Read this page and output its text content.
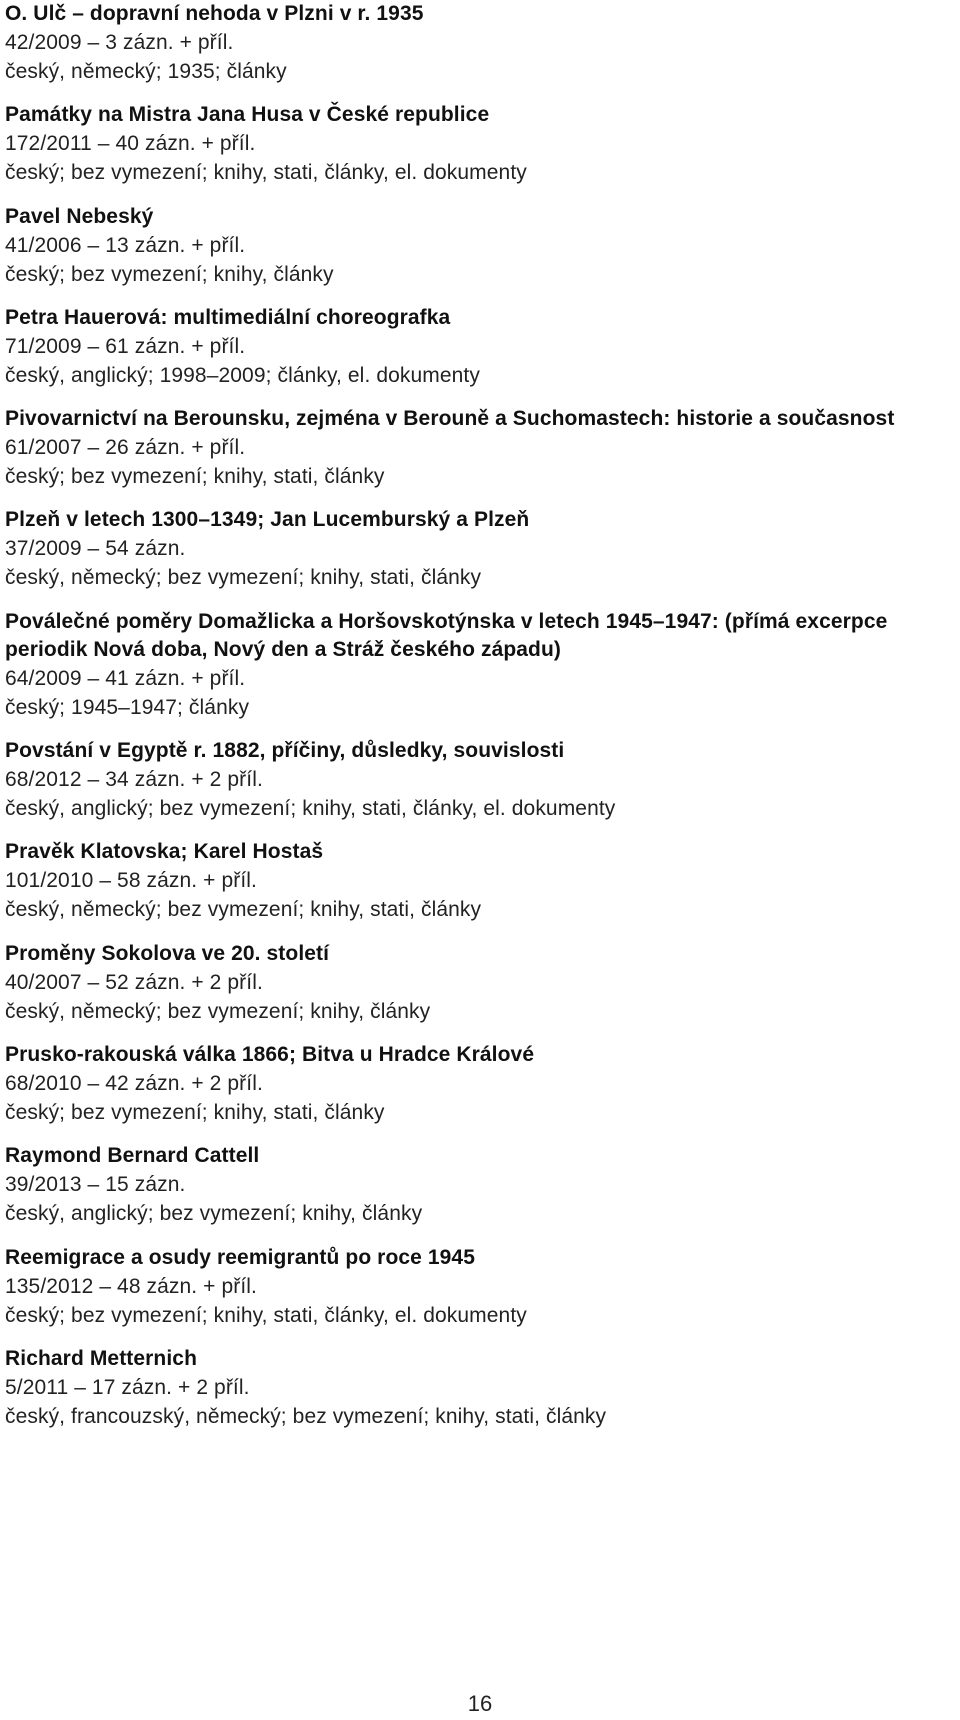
O. Ulč – dopravní nehoda v Plzni v r. 1935
42/2009 – 3 zázn. + příl.
český, německý; 1935; články
Památky na Mistra Jana Husa v České republice
172/2011 – 40 zázn. + příl.
český; bez vymezení; knihy, stati, články, el. dokumenty
Pavel Nebeský
41/2006 – 13 zázn. + příl.
český; bez vymezení; knihy, články
Petra Hauerová: multimediální choreografka
71/2009 – 61 zázn. + příl.
český, anglický; 1998–2009; články, el. dokumenty
Pivovarnictví na Berounsku, zejména v Berouně a Suchomastech: historie a současnost
61/2007 – 26 zázn. + příl.
český; bez vymezení; knihy, stati, články
Plzeň v letech 1300–1349; Jan Lucemburský a Plzeň
37/2009 – 54 zázn.
český, německý; bez vymezení; knihy, stati, články
Poválečné poměry Domažlicka a Horšovskotýnska v letech 1945–1947: (přímá excerpce periodik Nová doba, Nový den a Stráž českého západu)
64/2009 – 41 zázn. + příl.
český; 1945–1947; články
Povstání v Egyptě r. 1882, příčiny, důsledky, souvislosti
68/2012 – 34 zázn. + 2 příl.
český, anglický; bez vymezení; knihy, stati, články, el. dokumenty
Pravěk Klatovska; Karel Hostaš
101/2010 – 58 zázn. + příl.
český, německý; bez vymezení; knihy, stati, články
Proměny Sokolova ve 20. století
40/2007 – 52 zázn. + 2 příl.
český, německý; bez vymezení; knihy, články
Prusko-rakouská válka 1866; Bitva u Hradce Králové
68/2010 – 42 zázn. + 2 příl.
český; bez vymezení; knihy, stati, články
Raymond Bernard Cattell
39/2013 – 15 zázn.
český, anglický; bez vymezení; knihy, články
Reemigrace a osudy reemigrantů po roce 1945
135/2012 – 48 zázn. + příl.
český; bez vymezení; knihy, stati, články, el. dokumenty
Richard Metternich
5/2011 – 17 zázn. + 2 příl.
český, francouzský, německý; bez vymezení; knihy, stati, články
16
